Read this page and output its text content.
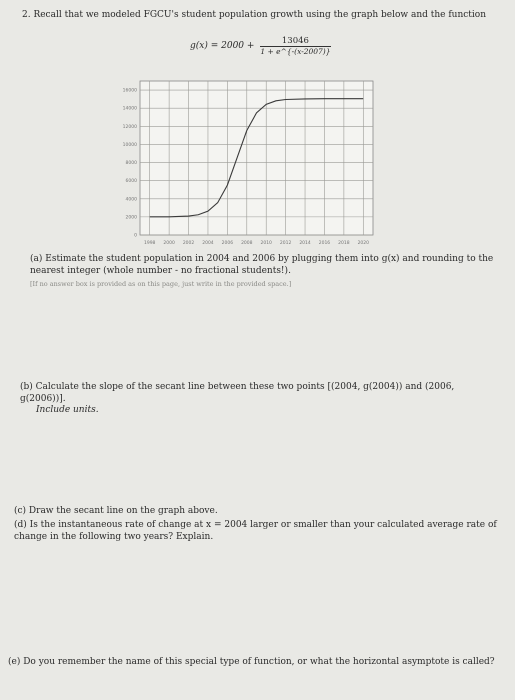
2. Recall that we modeled FGCU's student population growth using the graph below and the function
$g(x) = 2000 + \frac{13046}{1 + e\^{}\{-(x-2007)\}}$
1998 2000 2002 2004 2006 2008 2010 2012 2014 2016 2018 2020
16000
14000
12000
10000
8000
6000
4000
2000
0
(a) Estimate the student population in 2004 and 2006 by plugging them into g(x) and rounding to the nearest integer (whole number - no fractional students!).
[If no answer box is provided as on this page, just write in the provided space.]
(b) Calculate the slope of the secant line between these two points [(2004, g(2004)) and (2006, g(2006))].
Include units.
(c) Draw the secant line on the graph above.
(d) Is the instantaneous rate of change at x = 2004 larger or smaller than your calculated average rate of change in the following two years? Explain.
(e) Do you remember the name of this special type of function, or what the horizontal asymptote is called?
